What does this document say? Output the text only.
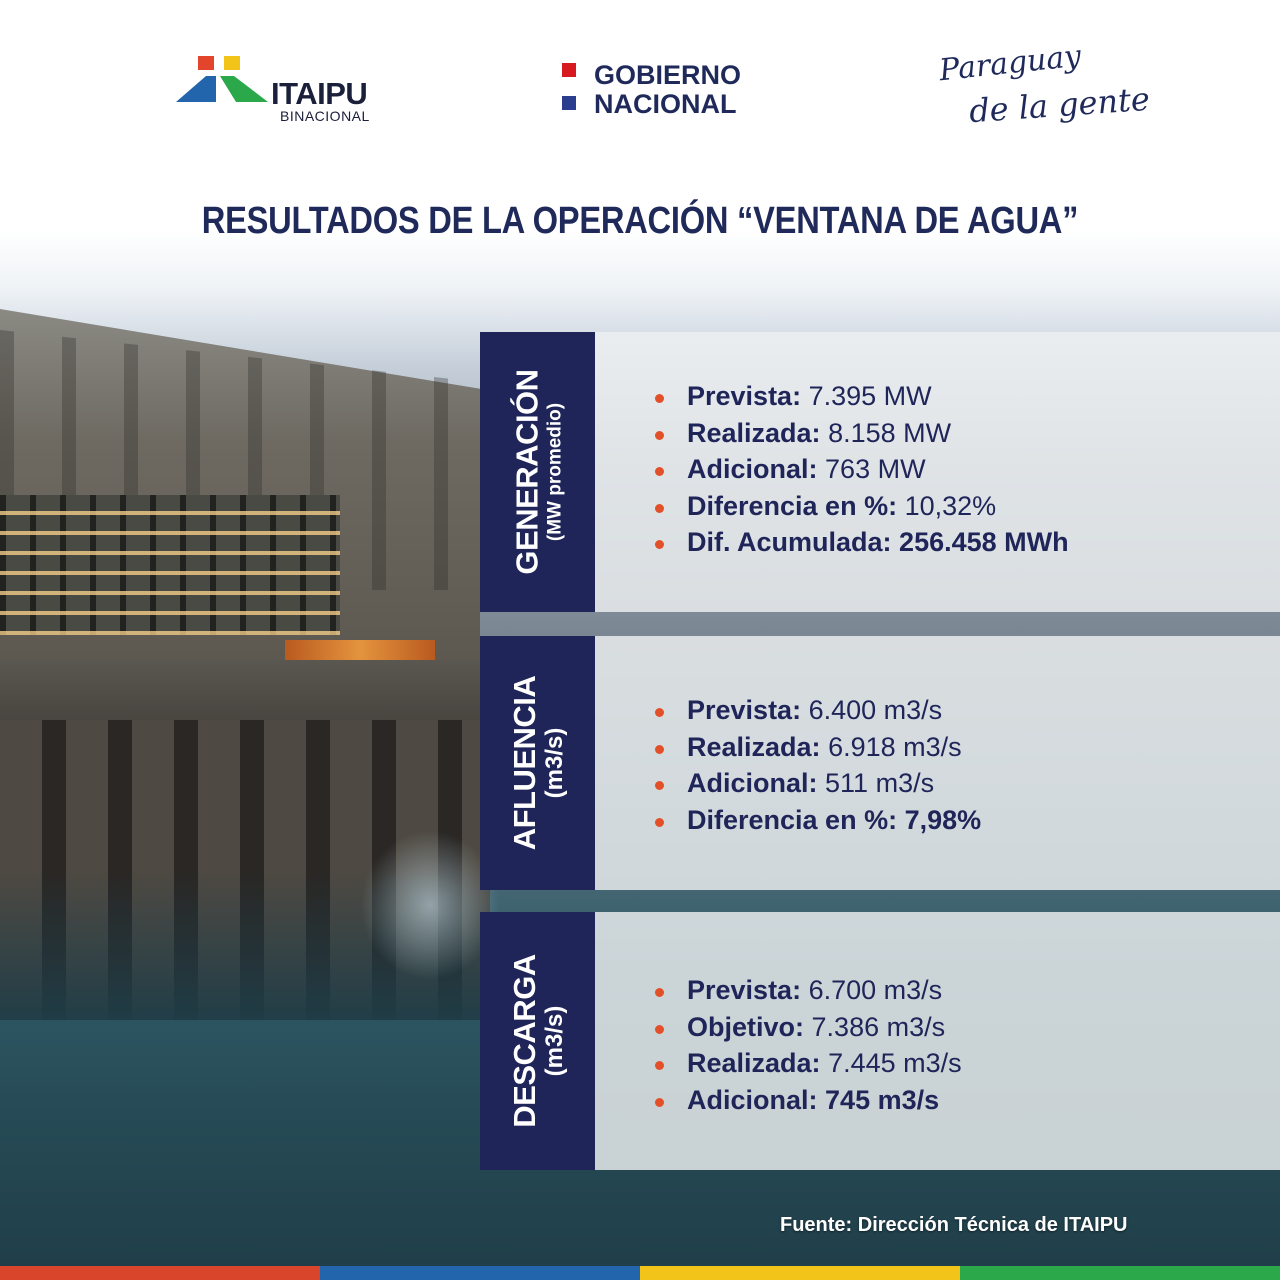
ITAIPU
BINACIONAL
GOBIERNO
NACIONAL
Paraguay
de la gente
RESULTADOS DE LA OPERACIÓN “VENTANA DE AGUA”
GENERACIÓN (MW promedio)
Prevista: 7.395 MW
Realizada: 8.158 MW
Adicional: 763 MW
Diferencia en %: 10,32%
Dif. Acumulada: 256.458 MWh
AFLUENCIA (m3/s)
Prevista: 6.400 m3/s
Realizada: 6.918 m3/s
Adicional: 511 m3/s
Diferencia en %: 7,98%
DESCARGA (m3/s)
Prevista: 6.700 m3/s
Objetivo: 7.386 m3/s
Realizada: 7.445 m3/s
Adicional: 745 m3/s
Fuente: Dirección Técnica de ITAIPU
